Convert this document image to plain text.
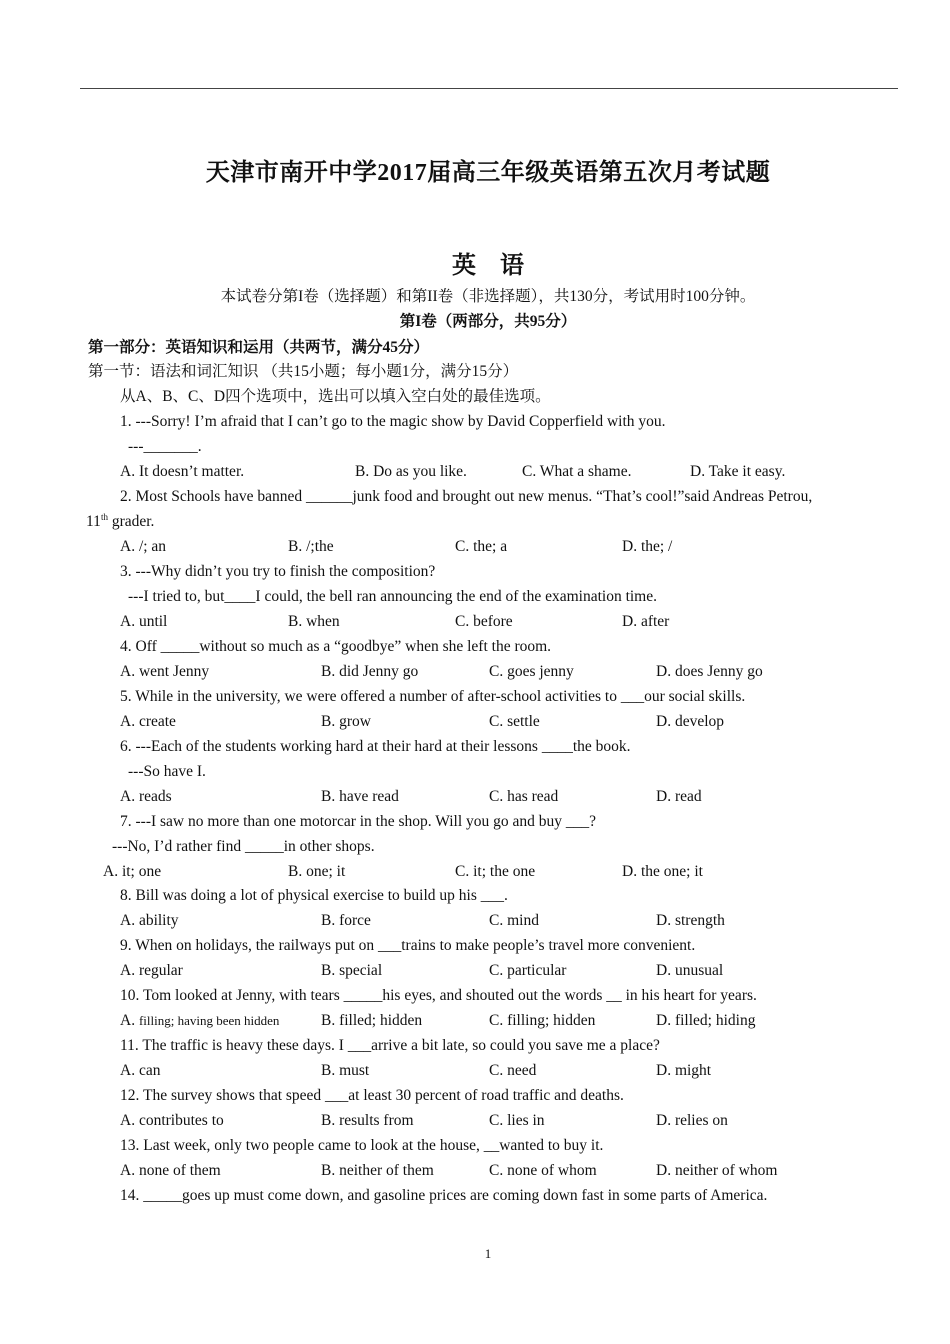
天津市南开中学2017届高三年级英语第五次月考试题
英    语
本试卷分第I卷（选择题）和第II卷（非选择题），共130分，考试用时100分钟。
第I卷（两部分，共95分）
第一部分：英语知识和运用（共两节，满分45分）
第一节：语法和词汇知识 （共15小题；每小题1分，满分15分）
从A、B、C、D四个选项中，选出可以填入空白处的最佳选项。
1. ---Sorry! I’m afraid that I can’t go to the magic show by David Copperfield with you.
---_______.
A. It doesn’t matter.	B. Do as you like.	C. What a shame.	D. Take it easy.
2. Most Schools have banned ______junk food and brought out new menus. “That’s cool!”said Andreas Petrou,
11th grader.
A. /; an	B. /;the	C. the; a	D. the; /
3. ---Why didn’t you try to finish the composition?
---I tried to, but____I could, the bell ran announcing the end of the examination time.
A. until	B. when	C. before	D. after
4. Off _____without so much as a “goodbye” when she left the room.
A. went Jenny	B. did Jenny go	C. goes jenny	D. does Jenny go
5. While in the university, we were offered a number of after-school activities to ___our social skills.
A. create	B. grow	C. settle	D. develop
6. ---Each of the students working hard at their hard at their lessons ____the book.
---So have I.
A. reads	B. have read	C. has read	D. read
7. ---I saw no more than one motorcar in the shop. Will you go and buy ___?
---No, I’d rather find _____in other shops.
A. it; one	B. one; it	C. it; the one	D. the one; it
8. Bill was doing a lot of physical exercise to build up his ___.
A. ability	B. force	C. mind	D. strength
9. When on holidays, the railways put on ___trains to make people’s travel more convenient.
A. regular	B. special	C. particular	D. unusual
10. Tom looked at Jenny, with tears _____his eyes, and shouted out the words __ in his heart for years.
A. filling; having been hidden	B. filled; hidden	C. filling; hidden	D. filled; hiding
11. The traffic is heavy these days. I ___arrive a bit late, so could you save me a place?
A. can	B. must	C. need	D. might
12. The survey shows that speed ___at least 30 percent of road traffic and deaths.
A. contributes to	B. results from	C. lies in	D. relies on
13. Last week, only two people came to look at the house, __wanted to buy it.
A. none of them	B. neither of them	C. none of whom	D. neither of whom
14. _____goes up must come down, and gasoline prices are coming down fast in some parts of America.
1
